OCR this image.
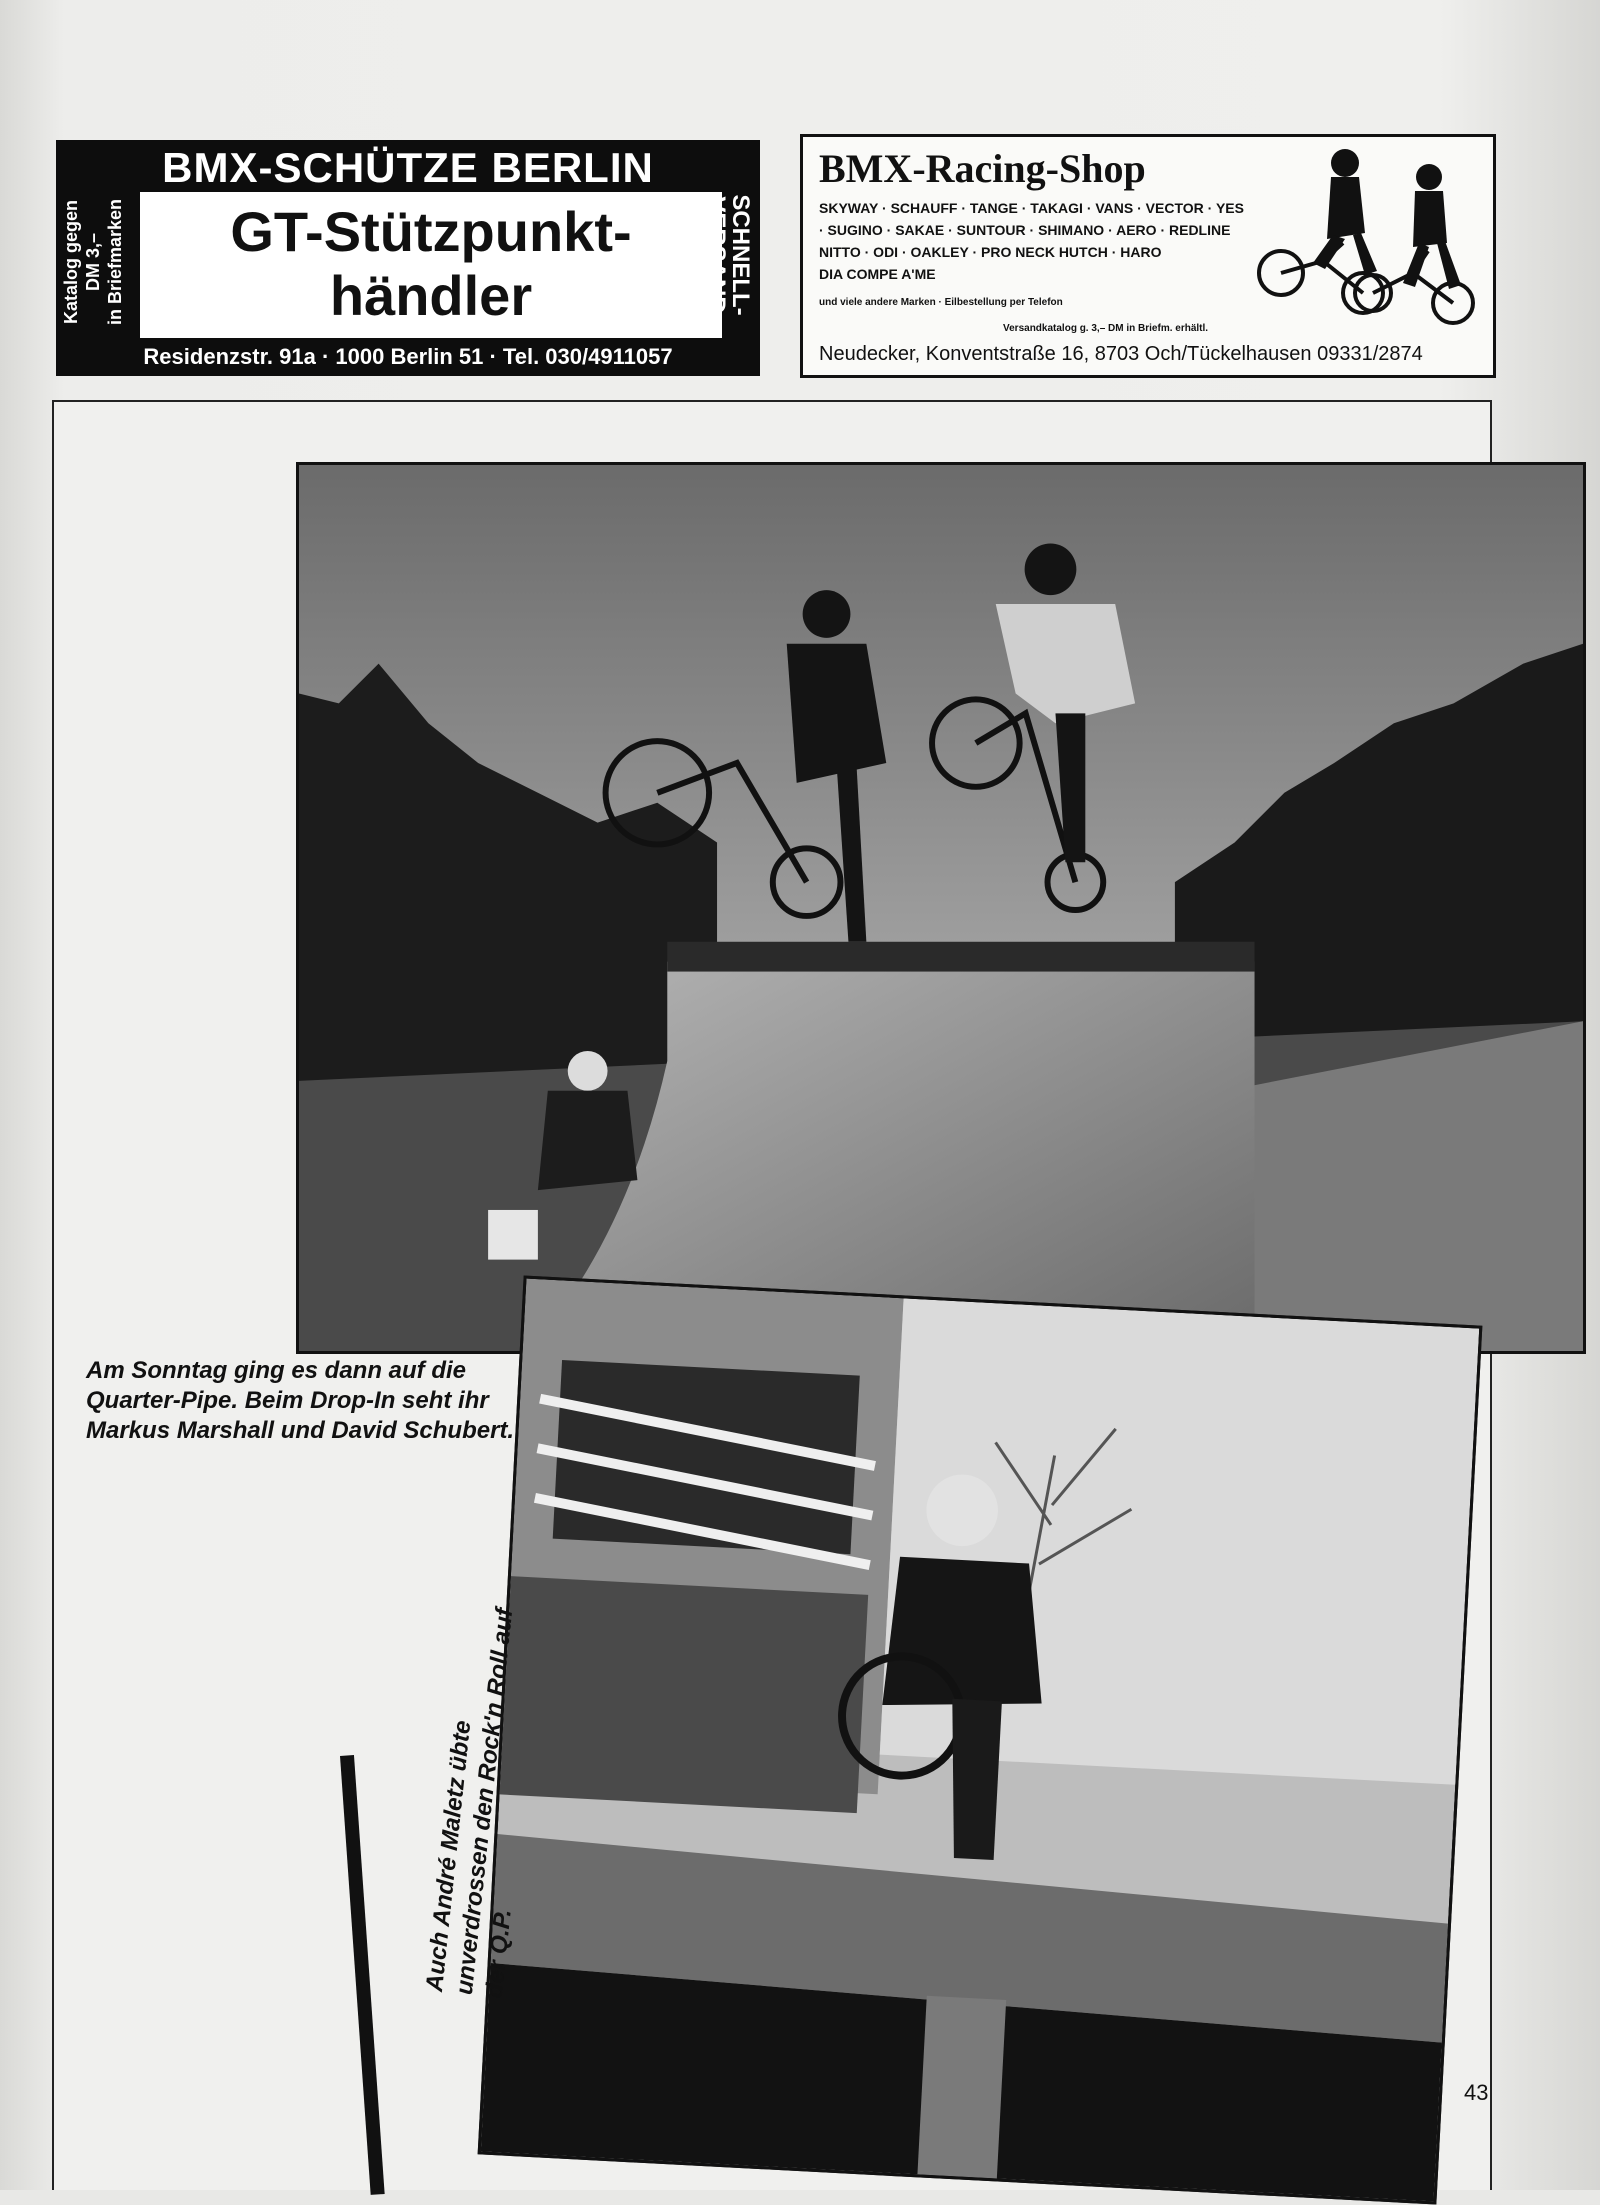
BMX-SCHÜTZE BERLIN
Katalog gegen DM 3,– in Briefmarken	GT-Stützpunkt-
händler	SCHNELL-
VERSAND
Residenzstr. 91a · 1000 Berlin 51 · Tel. 030/4911057
BMX-Racing-Shop
SKYWAY · SCHAUFF · TANGE · TAKAGI · VANS · VECTOR · YES
· SUGINO · SAKAE · SUNTOUR · SHIMANO · AERO · REDLINE
NITTO · ODI · OAKLEY · PRO NECK HUTCH · HARO
DIA COMPE A'ME
und viele andere Marken · Eilbestellung per Telefon
Versandkatalog g. 3,– DM in Briefm. erhältl.
Neudecker, Konventstraße 16, 8703 Och/Tückelhausen 09331/2874
Am Sonntag ging es dann auf die Quarter-Pipe. Beim Drop-In seht ihr Markus Marshall und David Schubert.
Auch André Maletz übte unverdrossen den Rock'n Roll auf der Q.P.
43
